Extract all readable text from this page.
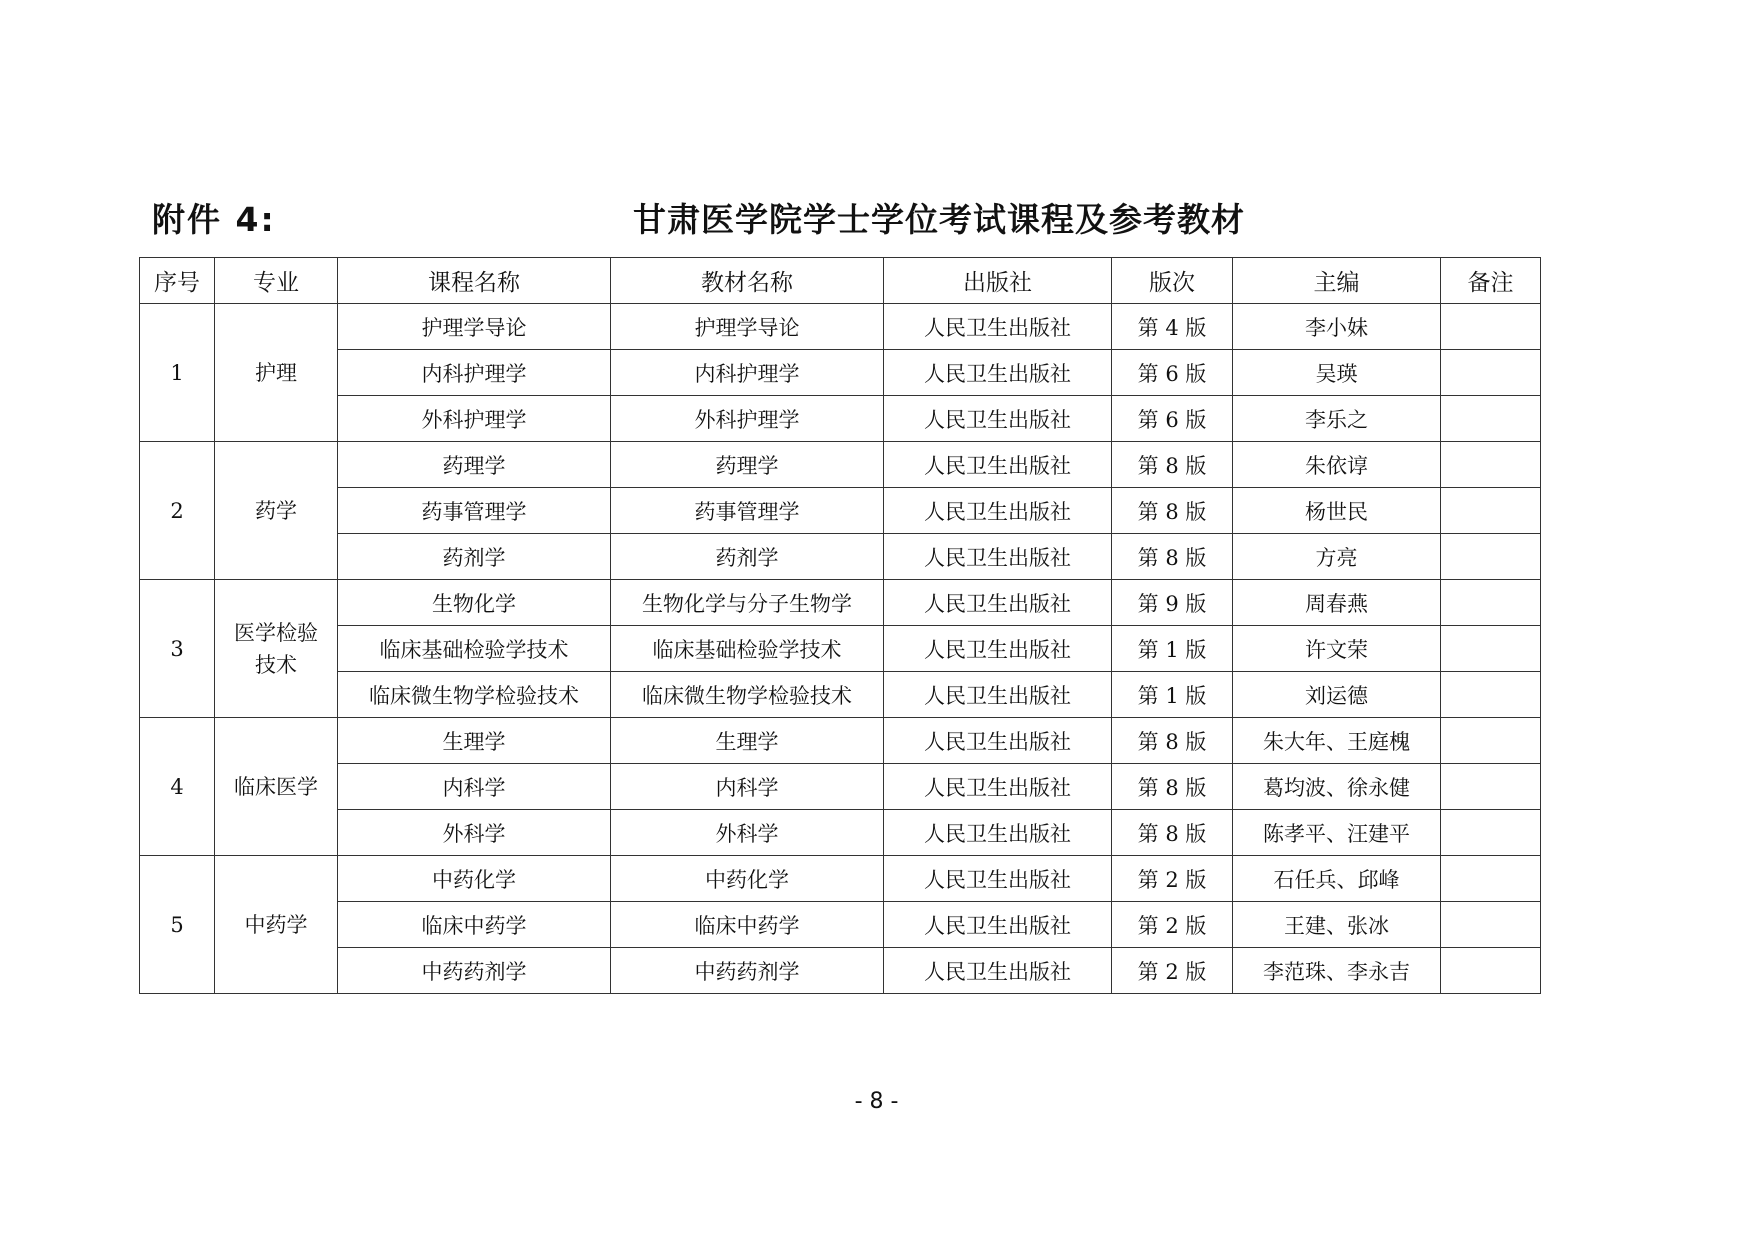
附件 4:	甘肃医学院学士学位考试课程及参考教材
序号	专业	课程名称	教材名称	出版社	版次	主编	备注
1	护理	护理学导论	护理学导论	人民卫生出版社	第 4 版	李小妹	
		内科护理学	内科护理学	人民卫生出版社	第 6 版	吴瑛	
		外科护理学	外科护理学	人民卫生出版社	第 6 版	李乐之	
2	药学	药理学	药理学	人民卫生出版社	第 8 版	朱依谆	
		药事管理学	药事管理学	人民卫生出版社	第 8 版	杨世民	
		药剂学	药剂学	人民卫生出版社	第 8 版	方亮	
3	医学检验技术	生物化学	生物化学与分子生物学	人民卫生出版社	第 9 版	周春燕	
		临床基础检验学技术	临床基础检验学技术	人民卫生出版社	第 1 版	许文荣	
		临床微生物学检验技术	临床微生物学检验技术	人民卫生出版社	第 1 版	刘运德	
4	临床医学	生理学	生理学	人民卫生出版社	第 8 版	朱大年、王庭槐	
		内科学	内科学	人民卫生出版社	第 8 版	葛均波、徐永健	
		外科学	外科学	人民卫生出版社	第 8 版	陈孝平、汪建平	
5	中药学	中药化学	中药化学	人民卫生出版社	第 2 版	石任兵、邱峰	
		临床中药学	临床中药学	人民卫生出版社	第 2 版	王建、张冰	
		中药药剂学	中药药剂学	人民卫生出版社	第 2 版	李范珠、李永吉	
- 8 -
